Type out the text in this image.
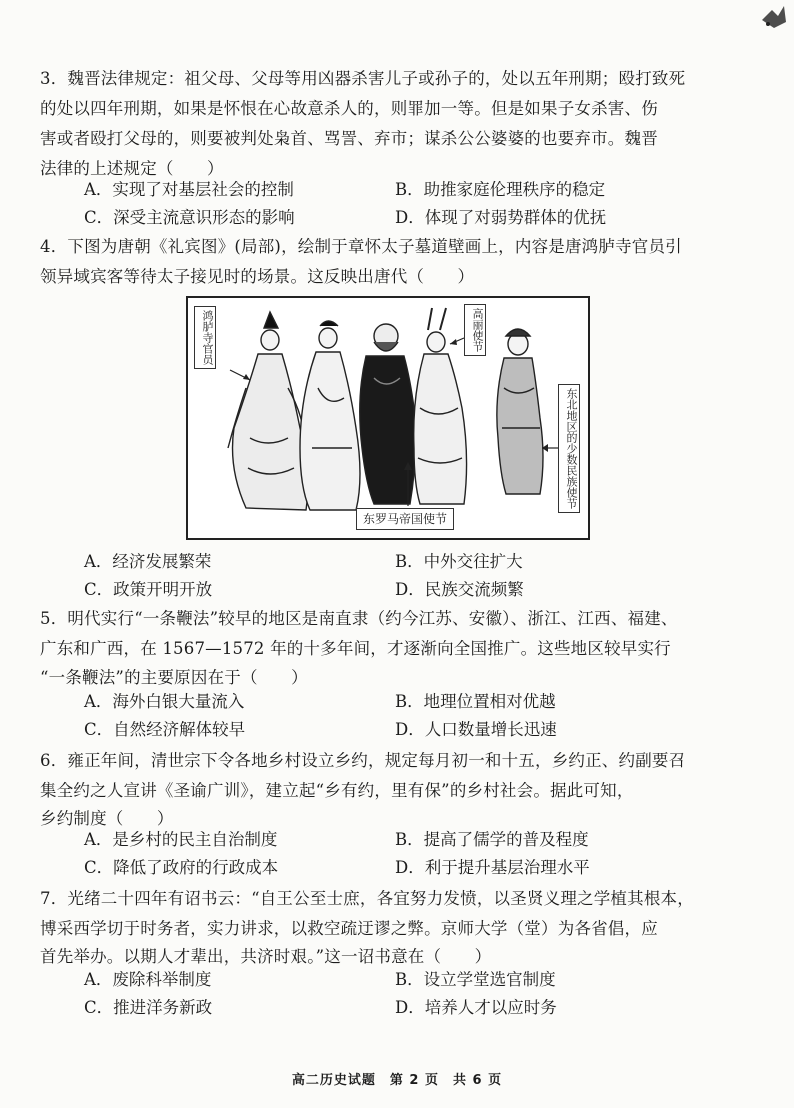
3．魏晋法律规定：祖父母、父母等用凶器杀害儿子或孙子的，处以五年刑期；殴打致死
的处以四年刑期，如果是怀恨在心故意杀人的，则罪加一等。但是如果子女杀害、伤
害或者殴打父母的，则要被判处枭首、骂詈、弃市；谋杀公公婆婆的也要弃市。魏晋
法律的上述规定（　　）
A．实现了对基层社会的控制	B．助推家庭伦理秩序的稳定
C．深受主流意识形态的影响	D．体现了对弱势群体的优抚
4．下图为唐朝《礼宾图》(局部)，绘制于章怀太子墓道壁画上，内容是唐鸿胪寺官员引
领异域宾客等待太子接见时的场景。这反映出唐代（　　）
鸿胪寺官员	高丽使节
东北地区的少数民族使节
东罗马帝国使节
A．经济发展繁荣	B．中外交往扩大
C．政策开明开放	D．民族交流频繁
5．明代实行“一条鞭法”较早的地区是南直隶（约今江苏、安徽）、浙江、江西、福建、
广东和广西，在 1567—1572 年的十多年间，才逐渐向全国推广。这些地区较早实行
“一条鞭法”的主要原因在于（　　）
A．海外白银大量流入	B．地理位置相对优越
C．自然经济解体较早	D．人口数量增长迅速
6．雍正年间，清世宗下令各地乡村设立乡约，规定每月初一和十五，乡约正、约副要召
集全约之人宣讲《圣谕广训》，建立起“乡有约，里有保”的乡村社会。据此可知，
乡约制度（　　）
A．是乡村的民主自治制度	B．提高了儒学的普及程度
C．降低了政府的行政成本	D．利于提升基层治理水平
7．光绪二十四年有诏书云：“自王公至士庶，各宜努力发愤，以圣贤义理之学植其根本，
博采西学切于时务者，实力讲求，以救空疏迂谬之弊。京师大学（堂）为各省倡，应
首先举办。以期人才辈出，共济时艰。”这一诏书意在（　　）
A．废除科举制度	B．设立学堂选官制度
C．推进洋务新政	D．培养人才以应时务
高二历史试题　第 2 页　共 6 页
